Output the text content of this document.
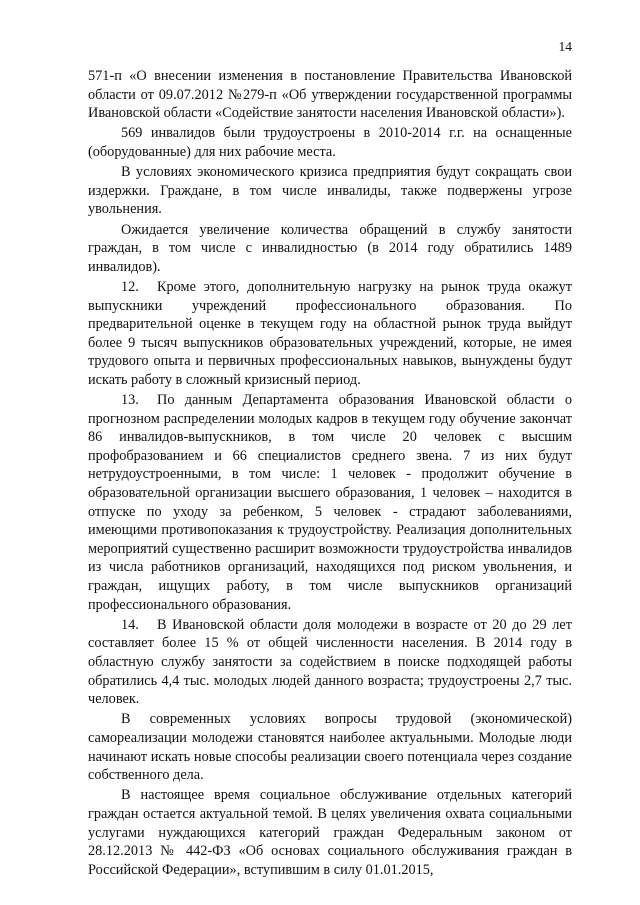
14

571-п «О внесении изменения в постановление Правительства Ивановской области от 09.07.2012 №279-п «Об утверждении государственной программы Ивановской области «Содействие занятости населения Ивановской области»).

569 инвалидов были трудоустроены в 2010-2014 г.г. на оснащенные (оборудованные) для них рабочие места.

В условиях экономического кризиса предприятия будут сокращать свои издержки. Граждане, в том числе инвалиды, также подвержены угрозе увольнения.

Ожидается увеличение количества обращений в службу занятости граждан, в том числе с инвалидностью (в 2014 году обратились 1489 инвалидов).

12. Кроме этого, дополнительную нагрузку на рынок труда окажут выпускники учреждений профессионального образования. По предварительной оценке в текущем году на областной рынок труда выйдут более 9 тысяч выпускников образовательных учреждений, которые, не имея трудового опыта и первичных профессиональных навыков, вынуждены будут искать работу в сложный кризисный период.

13. По данным Департамента образования Ивановской области о прогнозном распределении молодых кадров в текущем году обучение закончат 86 инвалидов-выпускников, в том числе 20 человек с высшим профобразованием и 66 специалистов среднего звена. 7 из них будут нетрудоустроенными, в том числе: 1 человек - продолжит обучение в образовательной организации высшего образования, 1 человек – находится в отпуске по уходу за ребенком, 5 человек - страдают заболеваниями, имеющими противопоказания к трудоустройству. Реализация дополнительных мероприятий существенно расширит возможности трудоустройства инвалидов из числа работников организаций, находящихся под риском увольнения, и граждан, ищущих работу, в том числе выпускников организаций профессионального образования.

14. В Ивановской области доля молодежи в возрасте от 20 до 29 лет составляет более 15 % от общей численности населения. В 2014 году в областную службу занятости за содействием в поиске подходящей работы обратились 4,4 тыс. молодых людей данного возраста; трудоустроены 2,7 тыс. человек.

В современных условиях вопросы трудовой (экономической) самореализации молодежи становятся наиболее актуальными. Молодые люди начинают искать новые способы реализации своего потенциала через создание собственного дела.

В настоящее время социальное обслуживание отдельных категорий граждан остается актуальной темой. В целях увеличения охвата социальными услугами нуждающихся категорий граждан Федеральным законом от 28.12.2013 № 442-ФЗ «Об основах социального обслуживания граждан в Российской Федерации», вступившим в силу 01.01.2015,
